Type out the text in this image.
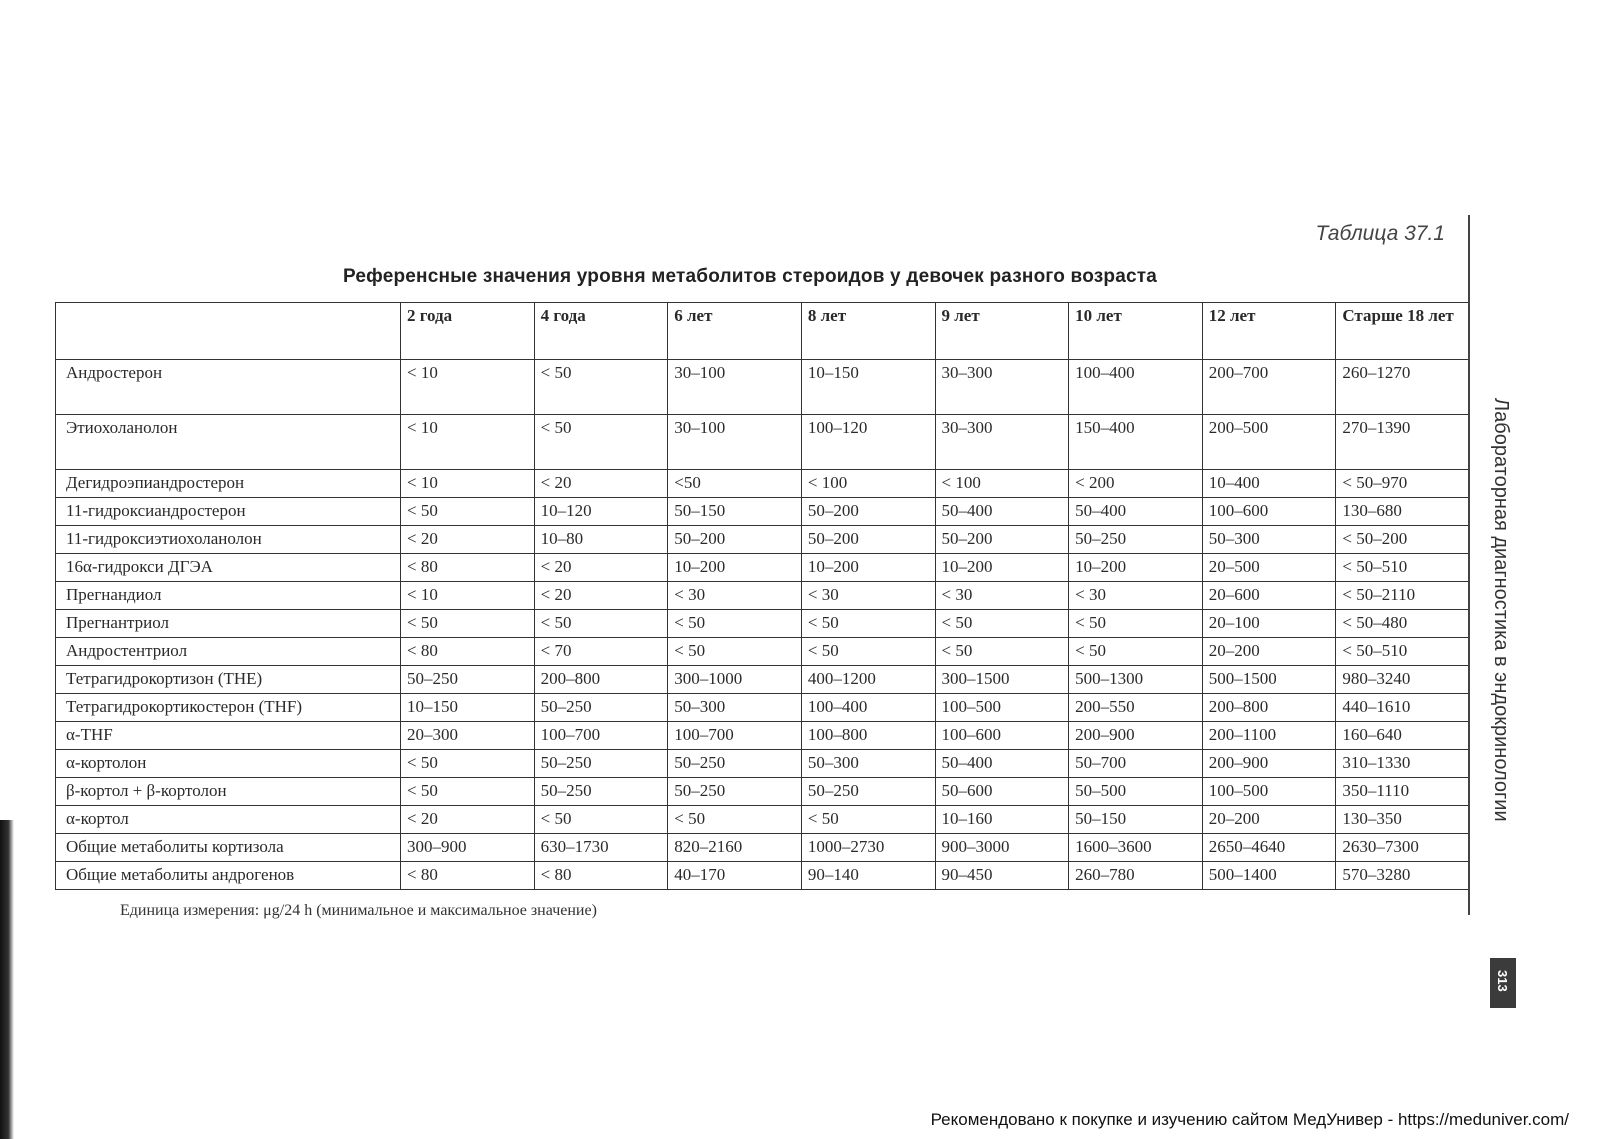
Таблица 37.1
Референсные значения уровня метаболитов стероидов у девочек разного возраста
	2 года	4 года	6 лет	8 лет	9 лет	10 лет	12 лет	Старше 18 лет
Андростерон	< 10	< 50	30–100	10–150	30–300	100–400	200–700	260–1270
Этиохоланолон	< 10	< 50	30–100	100–120	30–300	150–400	200–500	270–1390
Дегидроэпиандростерон	< 10	< 20	<50	< 100	< 100	< 200	10–400	< 50–970
11-гидроксиандростерон	< 50	10–120	50–150	50–200	50–400	50–400	100–600	130–680
11-гидроксиэтиохоланолон	< 20	10–80	50–200	50–200	50–200	50–250	50–300	< 50–200
16α-гидрокси ДГЭА	< 80	< 20	10–200	10–200	10–200	10–200	20–500	< 50–510
Прегнандиол	< 10	< 20	< 30	< 30	< 30	< 30	20–600	< 50–2110
Прегнантриол	< 50	< 50	< 50	< 50	< 50	< 50	20–100	< 50–480
Андростентриол	< 80	< 70	< 50	< 50	< 50	< 50	20–200	< 50–510
Тетрагидрокортизон (THE)	50–250	200–800	300–1000	400–1200	300–1500	500–1300	500–1500	980–3240
Тетрагидрокортикостерон (THF)	10–150	50–250	50–300	100–400	100–500	200–550	200–800	440–1610
α-THF	20–300	100–700	100–700	100–800	100–600	200–900	200–1100	160–640
α-кортолон	< 50	50–250	50–250	50–300	50–400	50–700	200–900	310–1330
β-кортол + β-кортолон	< 50	50–250	50–250	50–250	50–600	50–500	100–500	350–1110
α-кортол	< 20	< 50	< 50	< 50	10–160	50–150	20–200	130–350
Общие метаболиты кортизола	300–900	630–1730	820–2160	1000–2730	900–3000	1600–3600	2650–4640	2630–7300
Общие метаболиты андрогенов	< 80	< 80	40–170	90–140	90–450	260–780	500–1400	570–3280
Единица измерения: μg/24 h (минимальное и максимальное значение)
Лабораторная диагностика в эндокринологии
313
Рекомендовано к покупке и изучению сайтом МедУнивер - https://meduniver.com/
